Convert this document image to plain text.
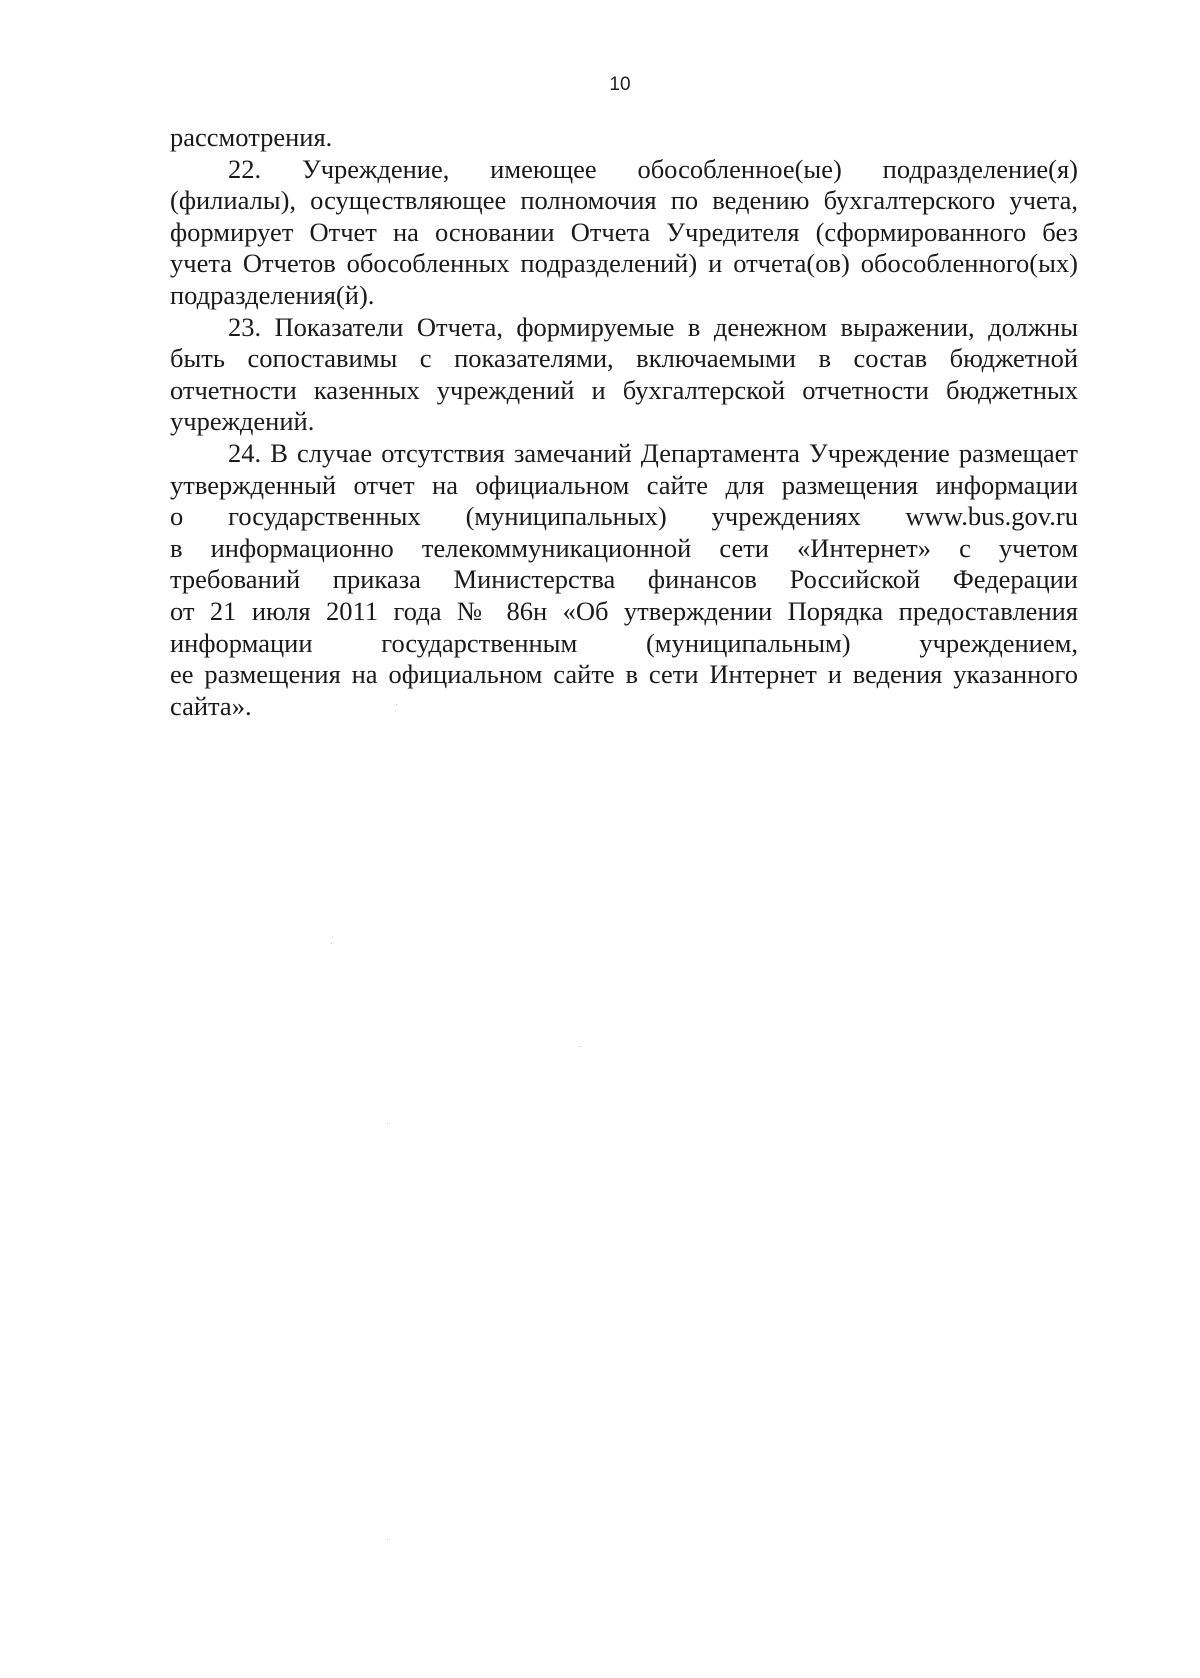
10
рассмотрения.
22. Учреждение, имеющее обособленное(ые) подразделение(я)
(филиалы), осуществляющее полномочия по ведению бухгалтерского учета,
формирует Отчет на основании Отчета Учредителя (сформированного без
учета Отчетов обособленных подразделений) и отчета(ов) обособленного(ых)
подразделения(й).
23. Показатели Отчета, формируемые в денежном выражении, должны
быть сопоставимы с показателями, включаемыми в состав бюджетной
отчетности казенных учреждений и бухгалтерской отчетности бюджетных
учреждений.
24. В случае отсутствия замечаний Департамента Учреждение размещает
утвержденный отчет на официальном сайте для размещения информации
о государственных (муниципальных) учреждениях www.bus.gov.ru
в информационно телекоммуникационной сети «Интернет» с учетом
требований приказа Министерства финансов Российской Федерации
от 21 июля 2011 года № 86н «Об утверждении Порядка предоставления
информации государственным (муниципальным) учреждением,
ее размещения на официальном сайте в сети Интернет и ведения указанного
сайта».
